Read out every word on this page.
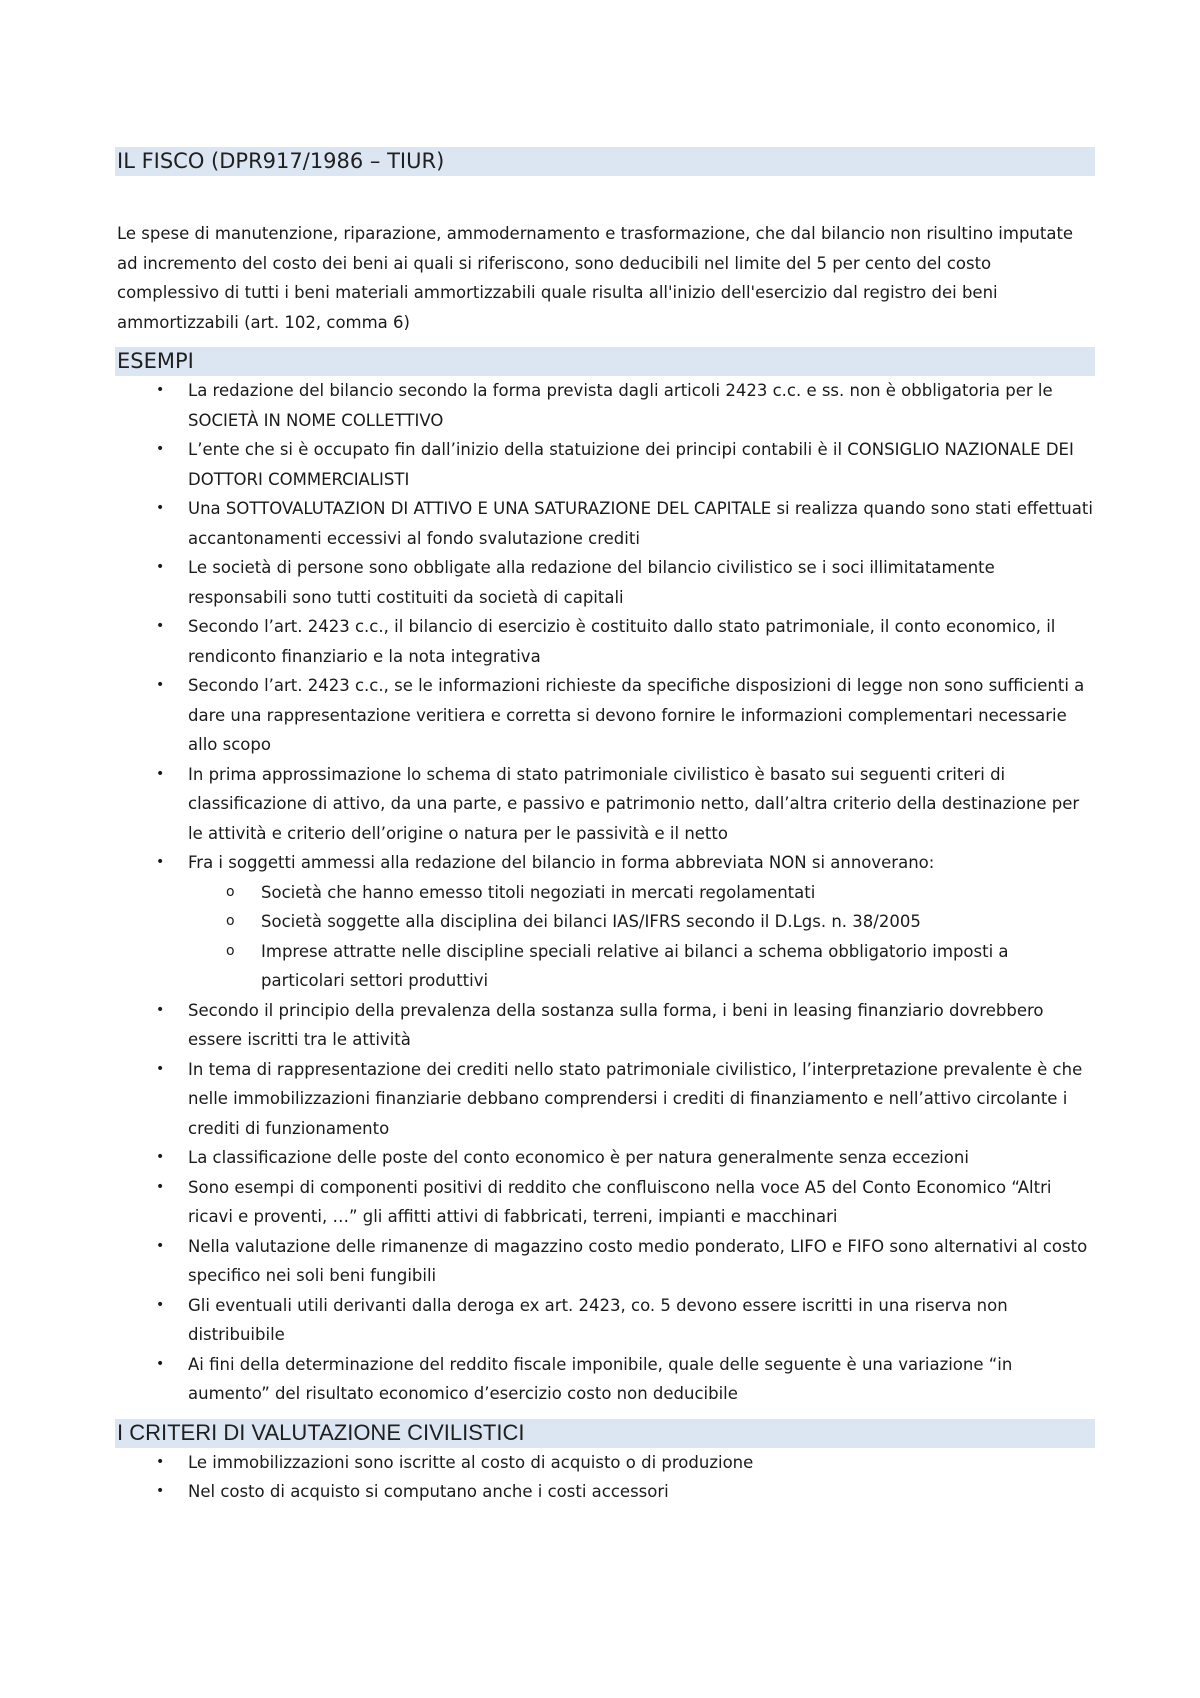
IL FISCO (DPR917/1986 – TIUR)
Le spese di manutenzione, riparazione, ammodernamento e trasformazione, che dal bilancio non risultino imputate ad incremento del costo dei beni ai quali si riferiscono, sono deducibili nel limite del 5 per cento del costo complessivo di tutti i beni materiali ammortizzabili quale risulta all'inizio dell'esercizio dal registro dei beni ammortizzabili (art. 102, comma 6)
ESEMPI
• La redazione del bilancio secondo la forma prevista dagli articoli 2423 c.c. e ss. non è obbligatoria per le SOCIETÀ IN NOME COLLETTIVO
• L’ente che si è occupato fin dall’inizio della statuizione dei principi contabili è il CONSIGLIO NAZIONALE DEI DOTTORI COMMERCIALISTI
• Una SOTTOVALUTAZION DI ATTIVO E UNA SATURAZIONE DEL CAPITALE si realizza quando sono stati effettuati accantonamenti eccessivi al fondo svalutazione crediti
• Le società di persone sono obbligate alla redazione del bilancio civilistico se i soci illimitatamente responsabili sono tutti costituiti da società di capitali
• Secondo l’art. 2423 c.c., il bilancio di esercizio è costituito dallo stato patrimoniale, il conto economico, il rendiconto finanziario e la nota integrativa
• Secondo l’art. 2423 c.c., se le informazioni richieste da specifiche disposizioni di legge non sono sufficienti a dare una rappresentazione veritiera e corretta si devono fornire le informazioni complementari necessarie allo scopo
• In prima approssimazione lo schema di stato patrimoniale civilistico è basato sui seguenti criteri di classificazione di attivo, da una parte, e passivo e patrimonio netto, dall’altra criterio della destinazione per le attività e criterio dell’origine o natura per le passività e il netto
• Fra i soggetti ammessi alla redazione del bilancio in forma abbreviata NON si annoverano:
o Società che hanno emesso titoli negoziati in mercati regolamentati
o Società soggette alla disciplina dei bilanci IAS/IFRS secondo il D.Lgs. n. 38/2005
o Imprese attratte nelle discipline speciali relative ai bilanci a schema obbligatorio imposti a particolari settori produttivi
• Secondo il principio della prevalenza della sostanza sulla forma, i beni in leasing finanziario dovrebbero essere iscritti tra le attività
• In tema di rappresentazione dei crediti nello stato patrimoniale civilistico, l’interpretazione prevalente è che nelle immobilizzazioni finanziarie debbano comprendersi i crediti di finanziamento e nell’attivo circolante i crediti di funzionamento
• La classificazione delle poste del conto economico è per natura generalmente senza eccezioni
• Sono esempi di componenti positivi di reddito che confluiscono nella voce A5 del Conto Economico “Altri ricavi e proventi, …” gli affitti attivi di fabbricati, terreni, impianti e macchinari
• Nella valutazione delle rimanenze di magazzino costo medio ponderato, LIFO e FIFO sono alternativi al costo specifico nei soli beni fungibili
• Gli eventuali utili derivanti dalla deroga ex art. 2423, co. 5 devono essere iscritti in una riserva non distribuibile
• Ai fini della determinazione del reddito fiscale imponibile, quale delle seguente è una variazione “in aumento” del risultato economico d’esercizio costo non deducibile
I CRITERI DI VALUTAZIONE CIVILISTICI
• Le immobilizzazioni sono iscritte al costo di acquisto o di produzione
• Nel costo di acquisto si computano anche i costi accessori
